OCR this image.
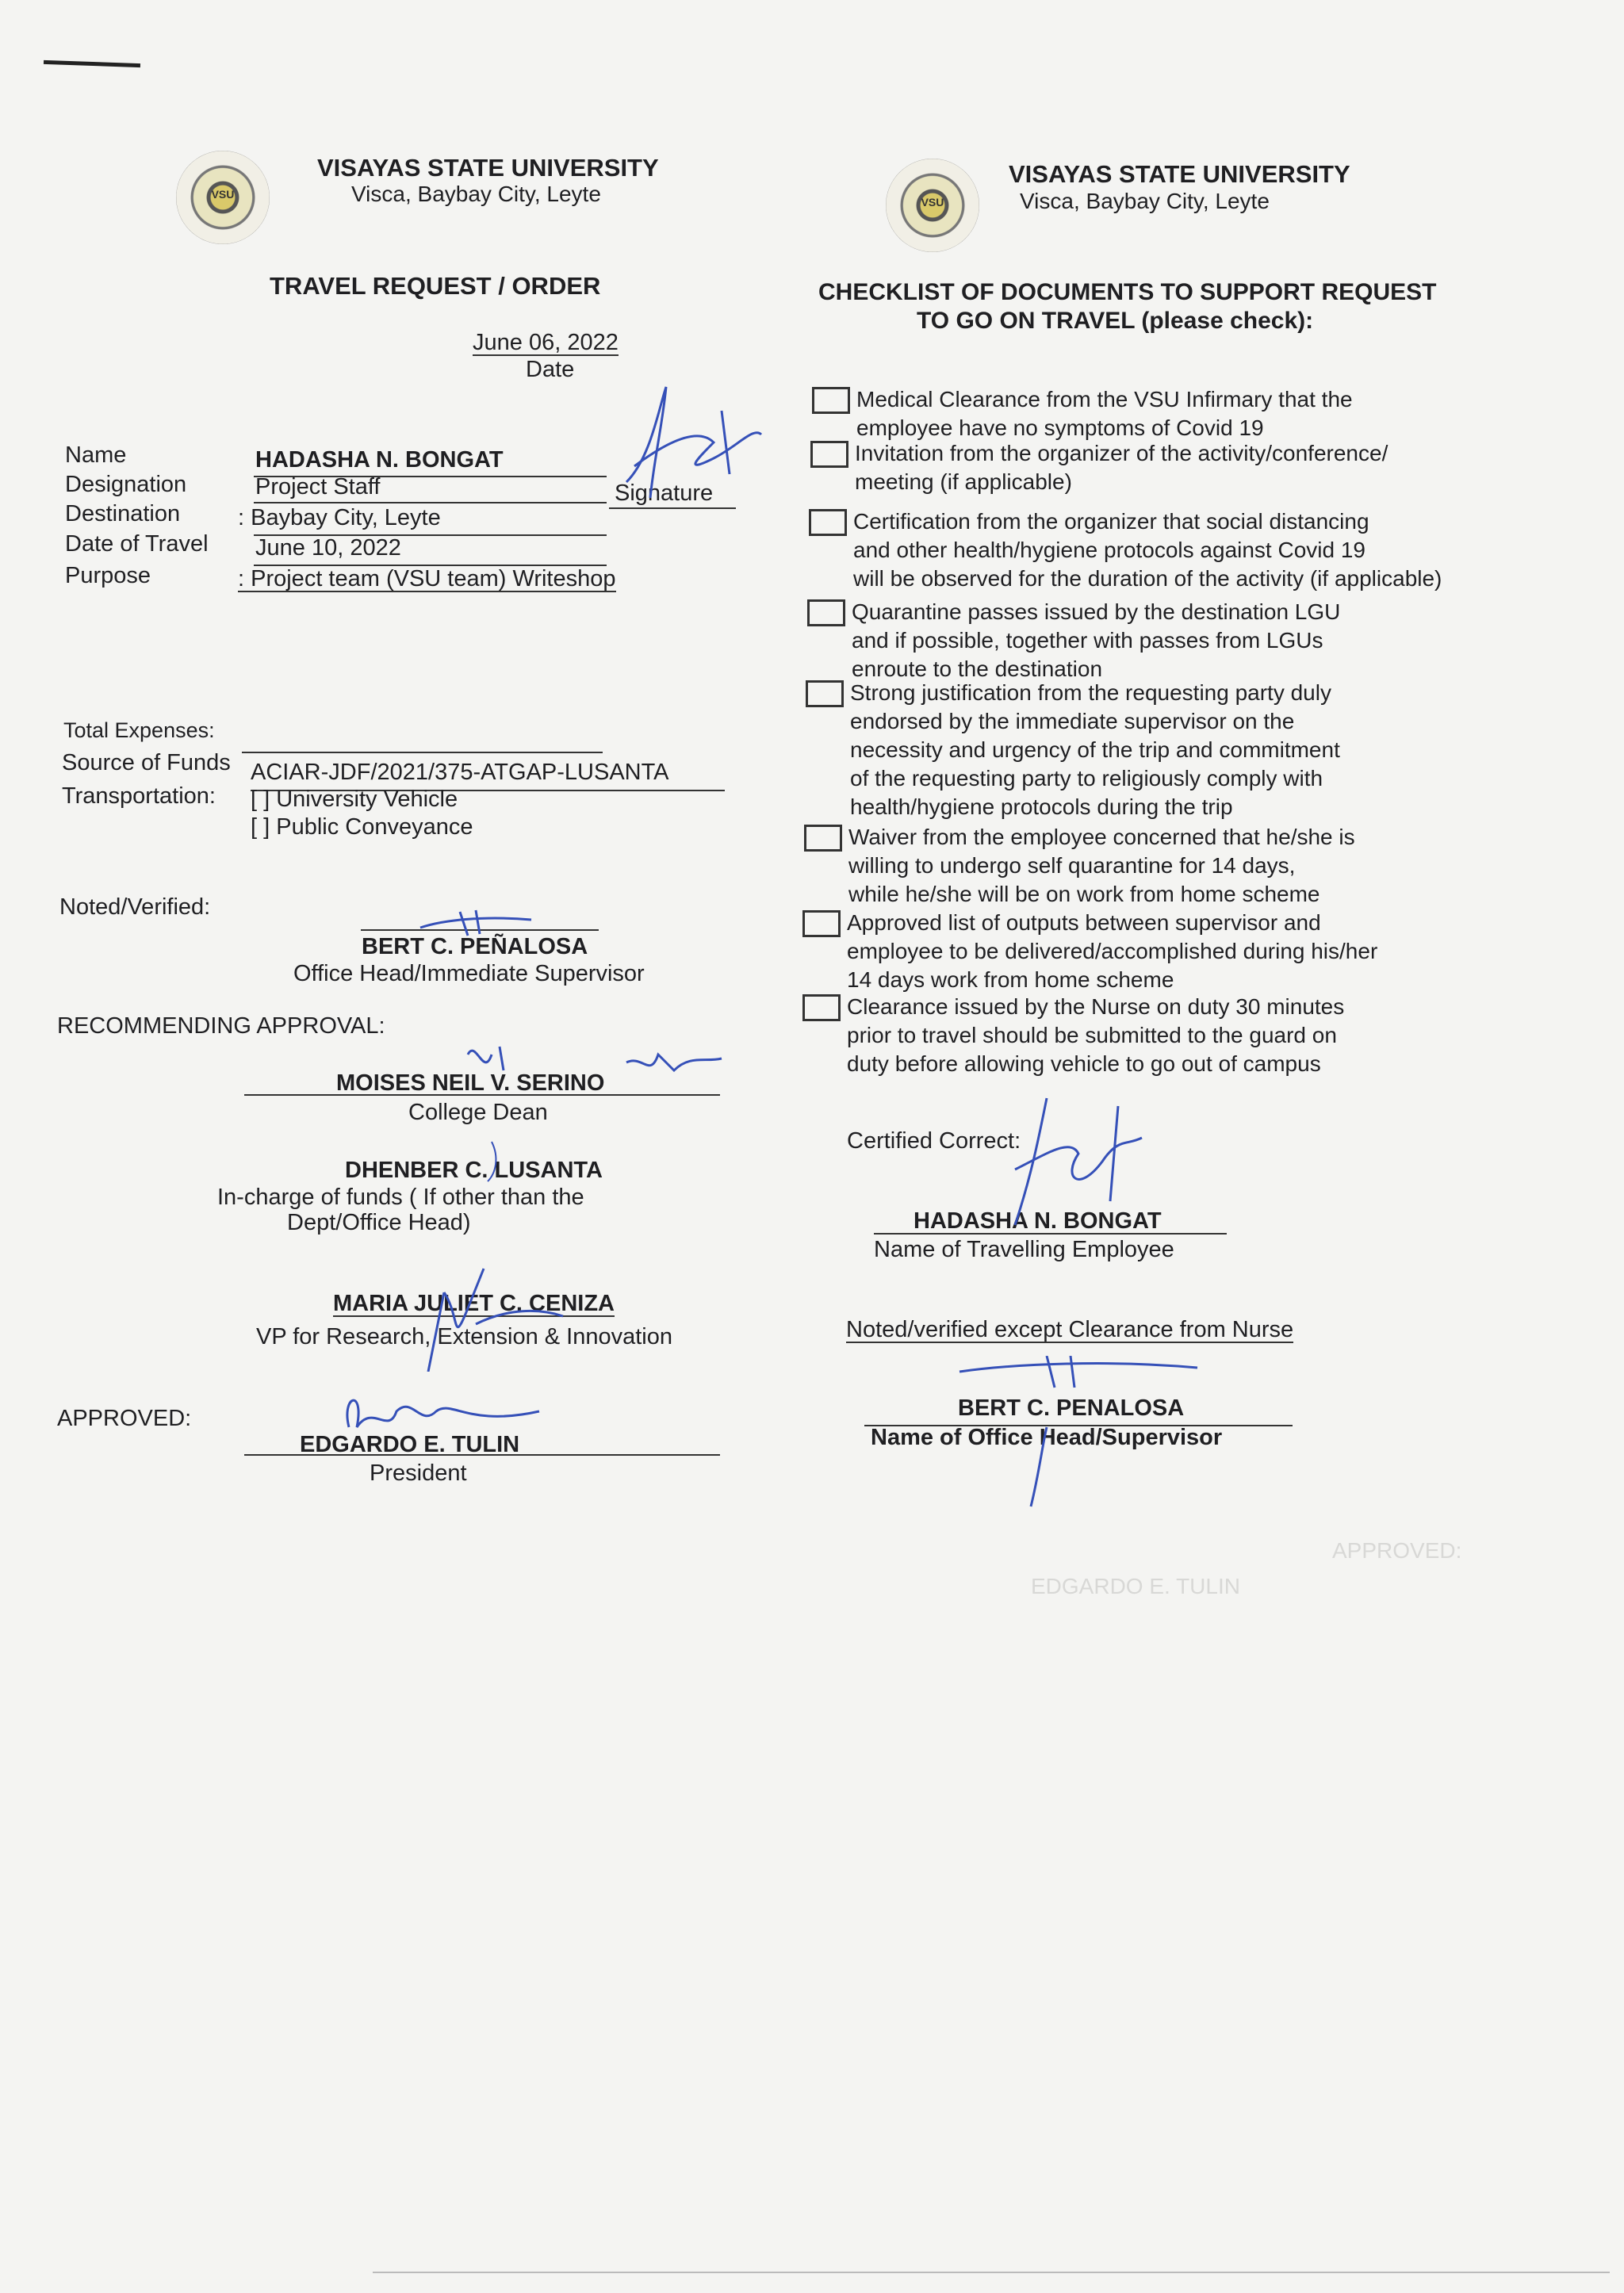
APPROVED:
EDGARDO E. TULIN
VSU
VISAYAS STATE UNIVERSITY
Visca, Baybay City, Leyte
TRAVEL REQUEST / ORDER
June 06, 2022
Date
Name	HADASHA N. BONGAT
Designation	Project Staff	Signature
Destination	: Baybay City, Leyte
Date of Travel June 10, 2022
Purpose	: Project team (VSU team) Writeshop
Total Expenses:
Source of Funds ACIAR-JDF/2021/375-ATGAP-LUSANTA
Transportation: [ ] University Vehicle
[ ] Public Conveyance
Noted/Verified:
BERT C. PEÑALOSA
Office Head/Immediate Supervisor
RECOMMENDING APPROVAL:
MOISES NEIL V. SERINO
College Dean
DHENBER C. LUSANTA
In-charge of funds ( If other than the
Dept/Office Head)
MARIA JULIET C. CENIZA
VP for Research, Extension & Innovation
APPROVED:
EDGARDO E. TULIN
President
VSU
VISAYAS STATE UNIVERSITY
Visca, Baybay City, Leyte
CHECKLIST OF DOCUMENTS TO SUPPORT REQUEST
TO GO ON TRAVEL (please check):
Medical Clearance from the VSU Infirmary that the
employee have no symptoms of Covid 19
Invitation from the organizer of the activity/conference/
meeting (if applicable)
Certification from the organizer that social distancing
and other health/hygiene protocols against Covid 19
will be observed for the duration of the activity (if applicable)
Quarantine passes issued by the destination LGU
and if possible, together with passes from LGUs
enroute to the destination
Strong justification from the requesting party duly
endorsed by the immediate supervisor on the
necessity and urgency of the trip and commitment
of the requesting party to religiously comply with
health/hygiene protocols during the trip
Waiver from the employee concerned that he/she is
willing to undergo self quarantine for 14 days,
while he/she will be on work from home scheme
Approved list of outputs between supervisor and
employee to be delivered/accomplished during his/her
14 days work from home scheme
Clearance issued by the Nurse on duty 30 minutes
prior to travel should be submitted to the guard on
duty before allowing vehicle to go out of campus
Certified Correct:
HADASHA N. BONGAT
Name of Travelling Employee
Noted/verified except Clearance from Nurse
BERT C. PENALOSA
Name of Office Head/Supervisor
